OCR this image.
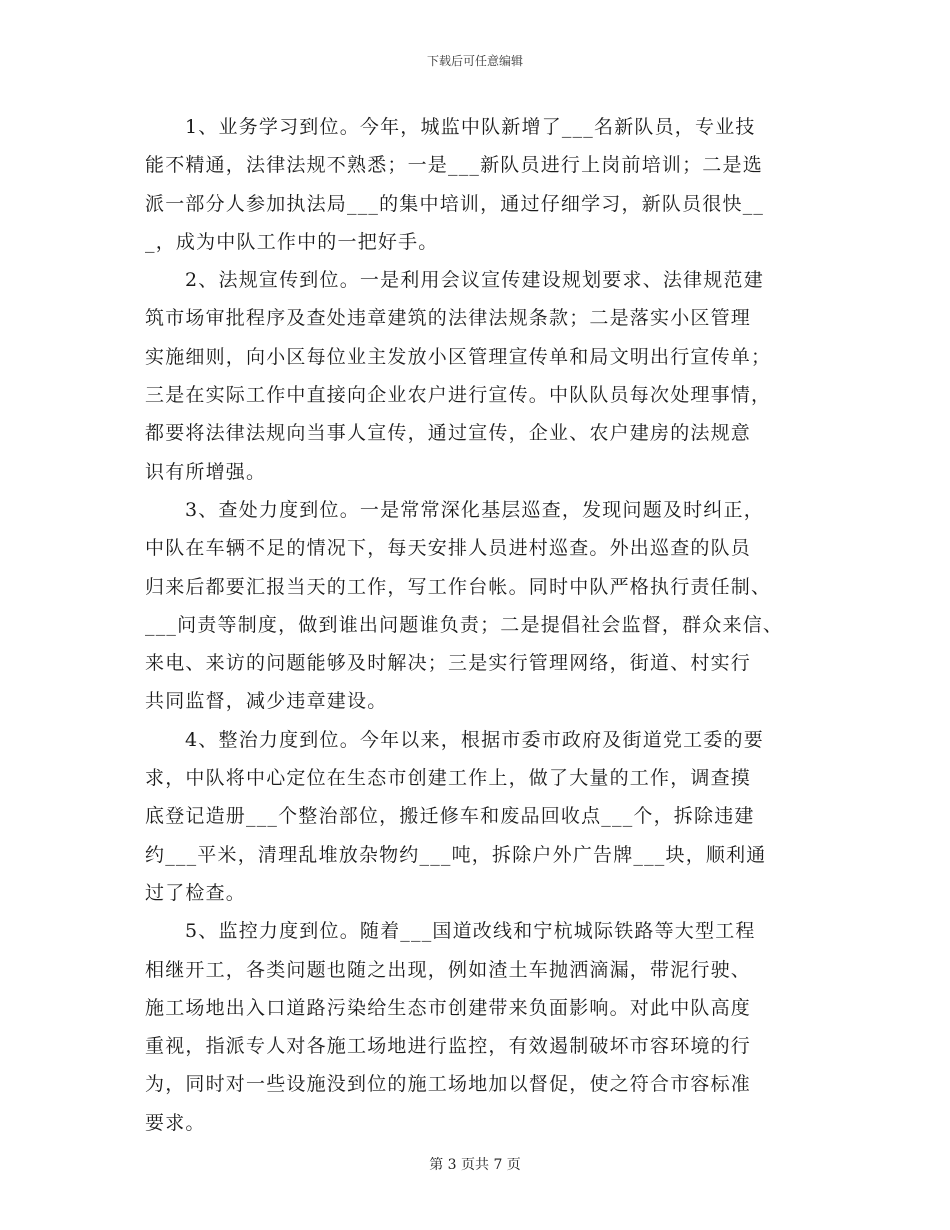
下载后可任意编辑
1、业务学习到位。今年，城监中队新增了___名新队员，专业技
能不精通，法律法规不熟悉；一是___新队员进行上岗前培训；二是选
派一部分人参加执法局___的集中培训，通过仔细学习，新队员很快__
_，成为中队工作中的一把好手。
2、法规宣传到位。一是利用会议宣传建设规划要求、法律规范建
筑市场审批程序及查处违章建筑的法律法规条款；二是落实小区管理
实施细则，向小区每位业主发放小区管理宣传单和局文明出行宣传单；
三是在实际工作中直接向企业农户进行宣传。中队队员每次处理事情，
都要将法律法规向当事人宣传，通过宣传，企业、农户建房的法规意
识有所增强。
3、查处力度到位。一是常常深化基层巡查，发现问题及时纠正，
中队在车辆不足的情况下，每天安排人员进村巡查。外出巡查的队员
归来后都要汇报当天的工作，写工作台帐。同时中队严格执行责任制、
___问责等制度，做到谁出问题谁负责；二是提倡社会监督，群众来信、
来电、来访的问题能够及时解决；三是实行管理网络，街道、村实行
共同监督，减少违章建设。
4、整治力度到位。今年以来，根据市委市政府及街道党工委的要
求，中队将中心定位在生态市创建工作上，做了大量的工作，调查摸
底登记造册___个整治部位，搬迁修车和废品回收点___个，拆除违建
约___平米，清理乱堆放杂物约___吨，拆除户外广告牌___块，顺利通
过了检查。
5、监控力度到位。随着___国道改线和宁杭城际铁路等大型工程
相继开工，各类问题也随之出现，例如渣土车抛洒滴漏，带泥行驶、
施工场地出入口道路污染给生态市创建带来负面影响。对此中队高度
重视，指派专人对各施工场地进行监控，有效遏制破坏市容环境的行
为，同时对一些设施没到位的施工场地加以督促，使之符合市容标准
要求。
第 3 页共 7 页
